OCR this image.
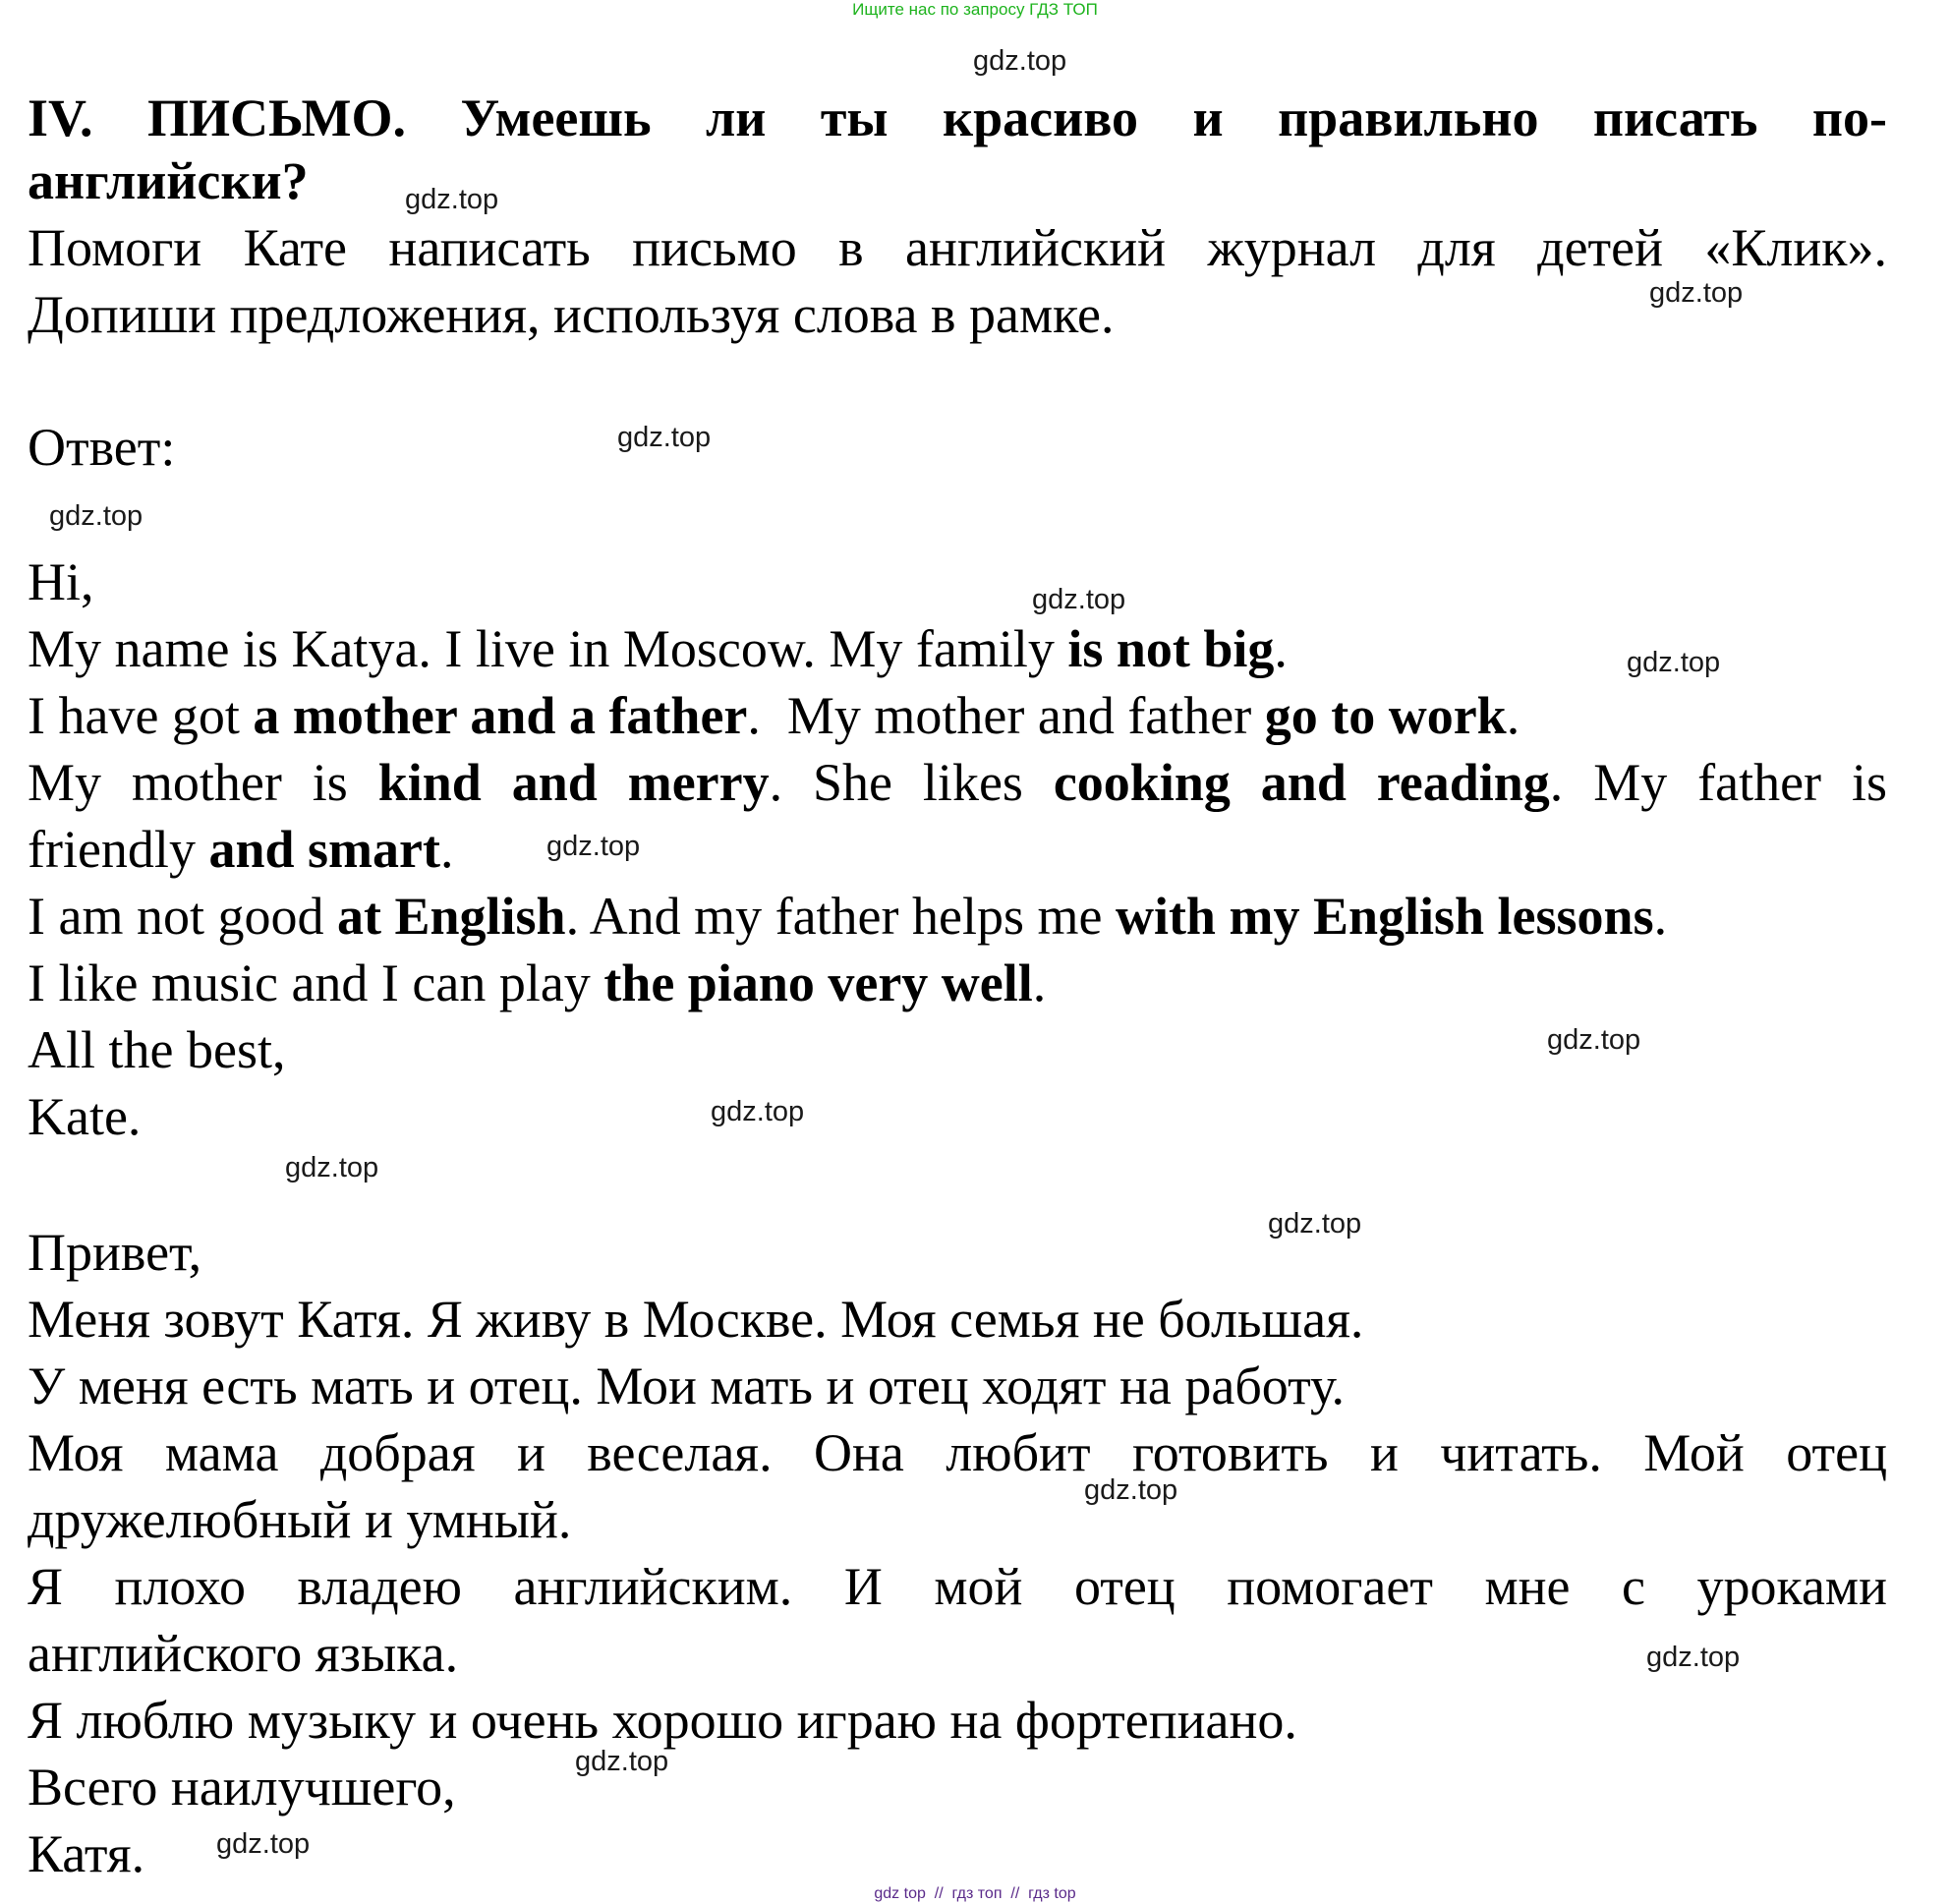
Ищите нас по запросу ГДЗ ТОП
gdz.top
gdz.top
gdz.top
gdz.top
gdz.top
gdz.top
gdz.top
gdz.top
gdz.top
gdz.top
gdz.top
gdz.top
gdz.top
gdz.top
gdz.top
gdz.top
IV. ПИСЬМО. Умеешь ли ты красиво и правильно писать по-
английски?
Помоги Кате написать письмо в английский журнал для детей «Клик».
Допиши предложения, используя слова в рамке.
Ответ:
Hi,
My name is Katya. I live in Moscow. My family is not big.
I have got a mother and a father.  My mother and father go to work.
My mother is kind and merry. She likes cooking and reading. My father is
friendly and smart.
I am not good at English. And my father helps me with my English lessons.
I like music and I can play the piano very well.
All the best,
Kate.
Привет,
Меня зовут Катя. Я живу в Москве. Моя семья не большая.
У меня есть мать и отец. Мои мать и отец ходят на работу.
Моя мама добрая и веселая. Она любит готовить и читать. Мой отец
дружелюбный и умный.
Я плохо владею английским. И мой отец помогает мне с уроками
английского языка.
Я люблю музыку и очень хорошо играю на фортепиано.
Всего наилучшего,
Катя.
gdz top  //  гдз топ  //  гдз top
